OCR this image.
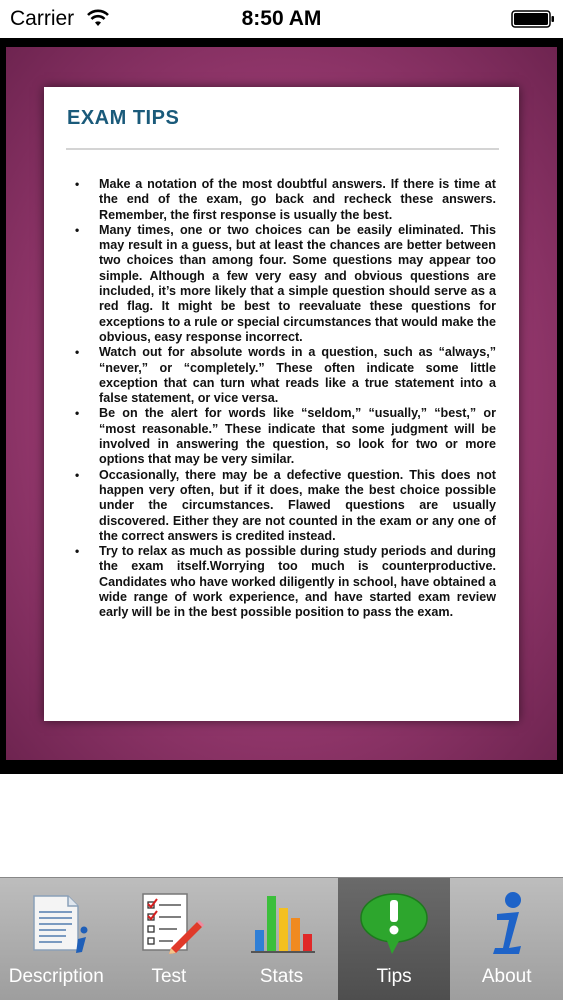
Carrier	8:50 AM
EXAM TIPS
• Make a notation of the most doubtful answers. If there is time at the end of the exam, go back and recheck these answers. Remember, the first response is usually the best.
• Many times, one or two choices can be easily eliminated. This may result in a guess, but at least the chances are better between two choices than among four. Some questions may appear too simple. Although a few very easy and obvious questions are included, it’s more likely that a simple question should serve as a red flag. It might be best to reevaluate these questions for exceptions to a rule or special circumstances that would make the obvious, easy response incorrect.
• Watch out for absolute words in a question, such as “always,” “never,” or “completely.” These often indicate some little exception that can turn what reads like a true statement into a false statement, or vice versa.
• Be on the alert for words like “seldom,” “usually,” “best,” or “most reasonable.” These indicate that some judgment will be involved in answering the question, so look for two or more options that may be very similar.
• Occasionally, there may be a defective question. This does not happen very often, but if it does, make the best choice possible under the circumstances. Flawed questions are usually discovered. Either they are not counted in the exam or any one of the correct answers is credited instead.
• Try to relax as much as possible during study periods and during the exam itself.Worrying too much is counterproductive. Candidates who have worked diligently in school, have obtained a wide range of work experience, and have started exam review early will be in the best possible position to pass the exam.
Description	Test	Stats	Tips	About
